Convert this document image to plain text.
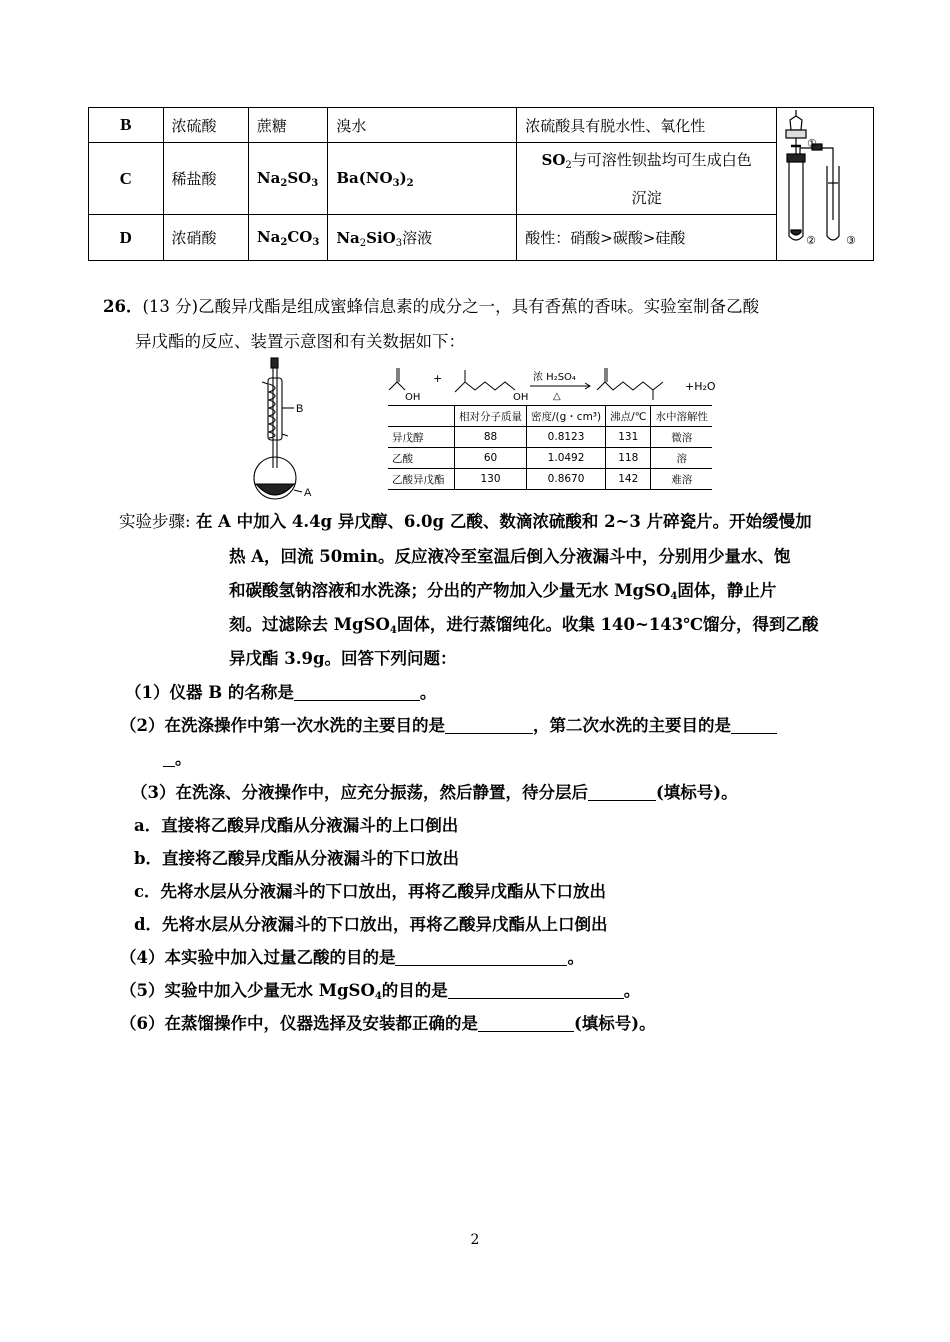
B	浓硫酸	蔗糖	溴水	浓硫酸具有脱水性、氧化性	①
② ③

C	稀盐酸	$Na_2SO_3$	$Ba(NO_3)_2$	$SO_2$与可溶性钡盐均可生成白色
沉淀	
D	浓硝酸	$Na_2CO_3$	$Na_2SiO_3$溶液	酸性：硝酸>碳酸>硅酸	
26．(13 分)乙酸异戊酯是组成蜜蜂信息素的成分之一，具有香蕉的香味。实验室制备乙酸
异戊酯的反应、装置示意图和有关数据如下：
B
A
OH
+
OH
浓 H₂SO₄
△
+H₂O
	相对分子质量	密度/(g・cm³)	沸点/℃	水中溶解性
异戊醇	88	0.8123	131	微溶
乙酸	60	1.0492	118	溶
乙酸异戊酯	130	0.8670	142	难溶
实验步骤: 在 A 中加入 4.4g 异戊醇、6.0g 乙酸、数滴浓硫酸和 2~3 片碎瓷片。开始缓慢加
热 A，回流 50min。反应液冷至室温后倒入分液漏斗中，分别用少量水、饱
和碳酸氢钠溶液和水洗涤；分出的产物加入少量无水 MgSO$_4$固体，静止片
刻。过滤除去 MgSO$_4$固体，进行蒸馏纯化。收集 140~143℃馏分，得到乙酸
异戊酯 3.9g。回答下列问题：
（1）仪器 B 的名称是	。
（2）在洗涤操作中第一次水洗的主要目的是	，第二次水洗的主要目的是
。
（3）在洗涤、分液操作中，应充分振荡，然后静置，待分层后	(填标号)。
a．直接将乙酸异戊酯从分液漏斗的上口倒出
b．直接将乙酸异戊酯从分液漏斗的下口放出
c．先将水层从分液漏斗的下口放出，再将乙酸异戊酯从下口放出
d．先将水层从分液漏斗的下口放出，再将乙酸异戊酯从上口倒出
（4）本实验中加入过量乙酸的目的是	。
（5）实验中加入少量无水 MgSO$_4$的目的是	。
（6）在蒸馏操作中，仪器选择及安装都正确的是	(填标号)。
2
